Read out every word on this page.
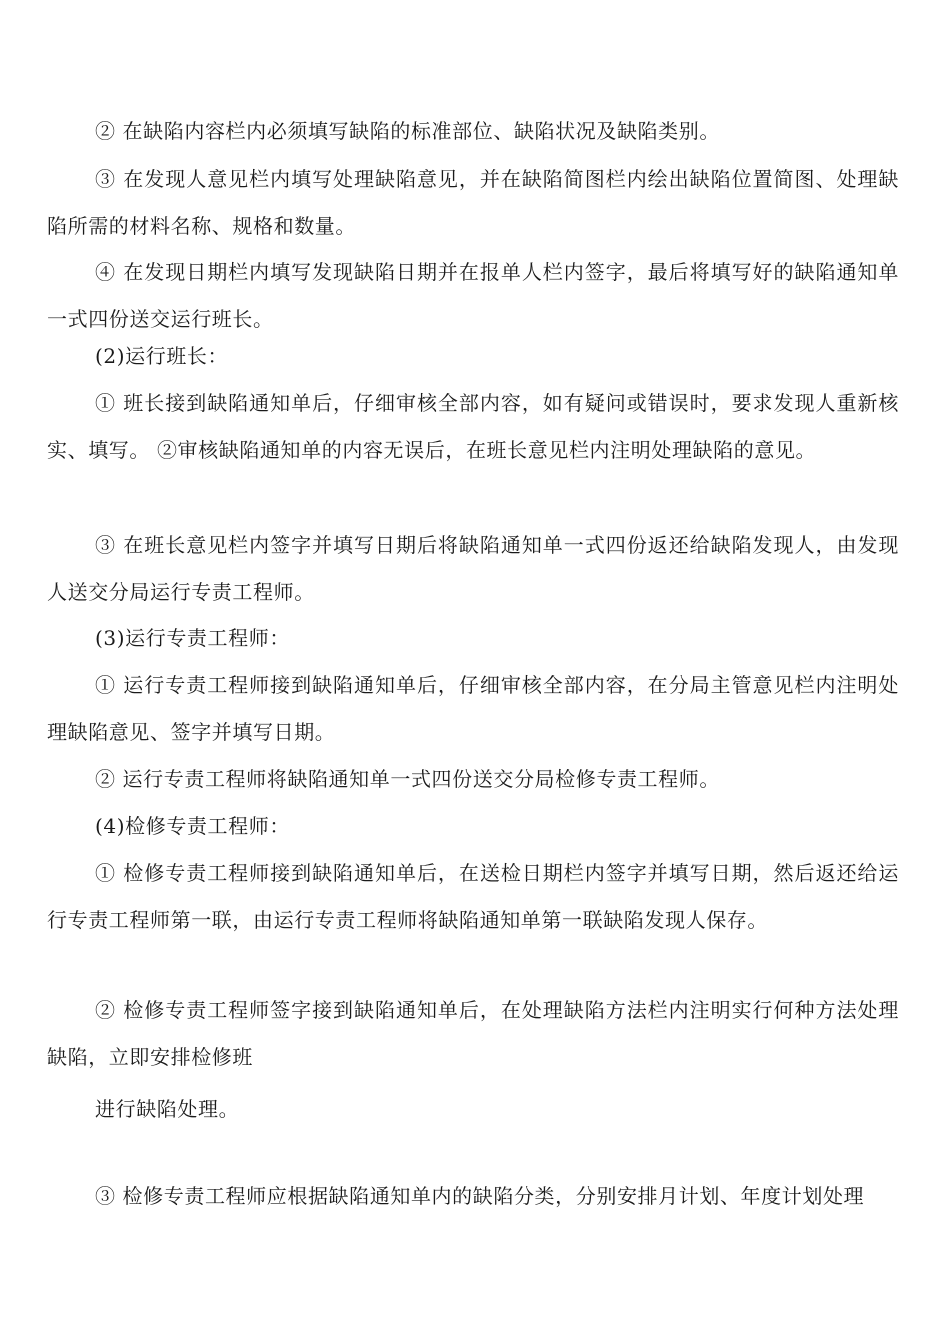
② 在缺陷内容栏内必须填写缺陷的标准部位、缺陷状况及缺陷类别。

③ 在发现人意见栏内填写处理缺陷意见，并在缺陷简图栏内绘出缺陷位置简图、处理缺陷所需的材料名称、规格和数量。

④ 在发现日期栏内填写发现缺陷日期并在报单人栏内签字，最后将填写好的缺陷通知单一式四份送交运行班长。

(2)运行班长：

① 班长接到缺陷通知单后，仔细审核全部内容，如有疑问或错误时，要求发现人重新核实、填写。 ②审核缺陷通知单的内容无误后，在班长意见栏内注明处理缺陷的意见。

③ 在班长意见栏内签字并填写日期后将缺陷通知单一式四份返还给缺陷发现人，由发现人送交分局运行专责工程师。

(3)运行专责工程师：

① 运行专责工程师接到缺陷通知单后，仔细审核全部内容，在分局主管意见栏内注明处理缺陷意见、签字并填写日期。

② 运行专责工程师将缺陷通知单一式四份送交分局检修专责工程师。

(4)检修专责工程师：

① 检修专责工程师接到缺陷通知单后，在送检日期栏内签字并填写日期，然后返还给运行专责工程师第一联，由运行专责工程师将缺陷通知单第一联缺陷发现人保存。

② 检修专责工程师签字接到缺陷通知单后，在处理缺陷方法栏内注明实行何种方法处理缺陷，立即安排检修班

进行缺陷处理。

③ 检修专责工程师应根据缺陷通知单内的缺陷分类，分别安排月计划、年度计划处理
